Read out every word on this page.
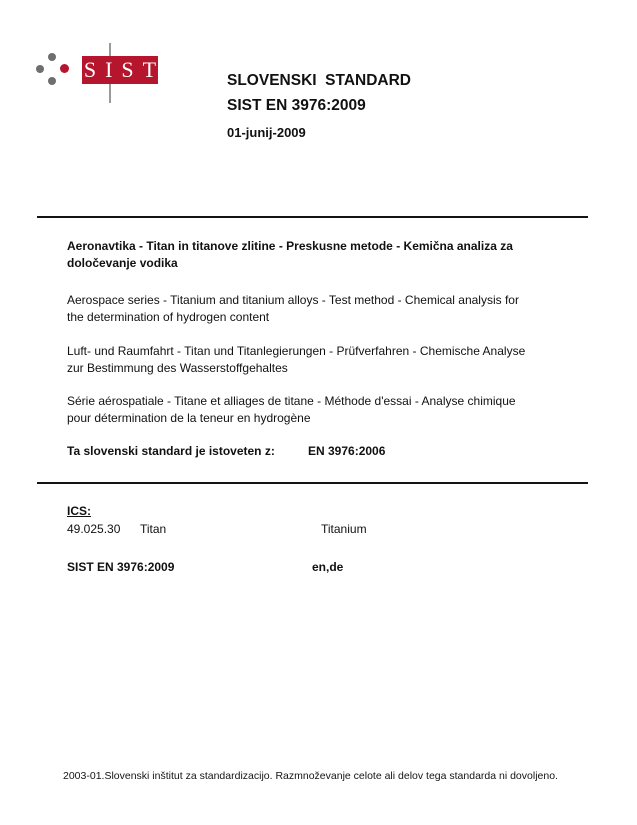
SIST	SLOVENSKI  STANDARD
SIST EN 3976:2009
01-junij-2009
Aeronavtika - Titan in titanove zlitine - Preskusne metode - Kemična analiza za
določevanje vodika
Aerospace series - Titanium and titanium alloys - Test method - Chemical analysis for
the determination of hydrogen content
Luft- und Raumfahrt - Titan und Titanlegierungen - Prüfverfahren - Chemische Analyse
zur Bestimmung des Wasserstoffgehaltes
Série aérospatiale - Titane et alliages de titane - Méthode d'essai - Analyse chimique
pour détermination de la teneur en hydrogène
Ta slovenski standard je istoveten z:	EN 3976:2006
ICS:
49.025.30 Titan	Titanium
SIST EN 3976:2009	en,de
2003-01.Slovenski inštitut za standardizacijo. Razmnoževanje celote ali delov tega standarda ni dovoljeno.
